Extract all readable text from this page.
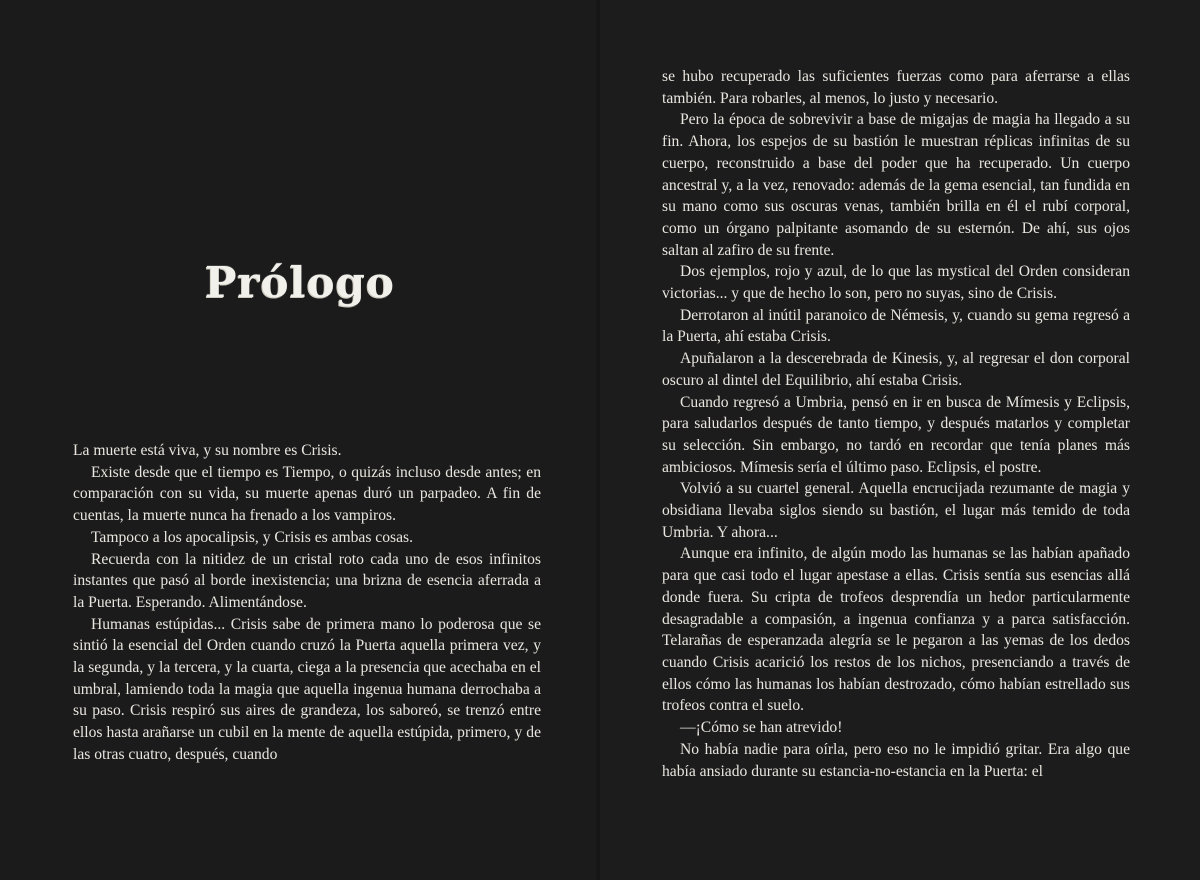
Prólogo

La muerte está viva, y su nombre es Crisis.

Existe desde que el tiempo es Tiempo, o quizás incluso desde antes; en comparación con su vida, su muerte apenas duró un parpadeo. A fin de cuentas, la muerte nunca ha frenado a los vampiros.

Tampoco a los apocalipsis, y Crisis es ambas cosas.

Recuerda con la nitidez de un cristal roto cada uno de esos infinitos instantes que pasó al borde inexistencia; una brizna de esencia aferrada a la Puerta. Esperando. Alimentándose.

Humanas estúpidas... Crisis sabe de primera mano lo poderosa que se sintió la esencial del Orden cuando cruzó la Puerta aquella primera vez, y la segunda, y la tercera, y la cuarta, ciega a la presencia que acechaba en el umbral, lamiendo toda la magia que aquella ingenua humana derrochaba a su paso. Crisis respiró sus aires de grandeza, los saboreó, se trenzó entre ellos hasta arañarse un cubil en la mente de aquella estúpida, primero, y de las otras cuatro, después, cuando

se hubo recuperado las suficientes fuerzas como para aferrarse a ellas también. Para robarles, al menos, lo justo y necesario.

Pero la época de sobrevivir a base de migajas de magia ha llegado a su fin. Ahora, los espejos de su bastión le muestran réplicas infinitas de su cuerpo, reconstruido a base del poder que ha recuperado. Un cuerpo ancestral y, a la vez, renovado: además de la gema esencial, tan fundida en su mano como sus oscuras venas, también brilla en él el rubí corporal, como un órgano palpitante asomando de su esternón. De ahí, sus ojos saltan al zafiro de su frente.

Dos ejemplos, rojo y azul, de lo que las mystical del Orden consideran victorias... y que de hecho lo son, pero no suyas, sino de Crisis.

Derrotaron al inútil paranoico de Némesis, y, cuando su gema regresó a la Puerta, ahí estaba Crisis.

Apuñalaron a la descerebrada de Kinesis, y, al regresar el don corporal oscuro al dintel del Equilibrio, ahí estaba Crisis.

Cuando regresó a Umbria, pensó en ir en busca de Mímesis y Eclipsis, para saludarlos después de tanto tiempo, y después matarlos y completar su selección. Sin embargo, no tardó en recordar que tenía planes más ambiciosos. Mímesis sería el último paso. Eclipsis, el postre.

Volvió a su cuartel general. Aquella encrucijada rezumante de magia y obsidiana llevaba siglos siendo su bastión, el lugar más temido de toda Umbria. Y ahora...

Aunque era infinito, de algún modo las humanas se las habían apañado para que casi todo el lugar apestase a ellas. Crisis sentía sus esencias allá donde fuera. Su cripta de trofeos desprendía un hedor particularmente desagradable a compasión, a ingenua confianza y a parca satisfacción. Telarañas de esperanzada alegría se le pegaron a las yemas de los dedos cuando Crisis acarició los restos de los nichos, presenciando a través de ellos cómo las humanas los habían destrozado, cómo habían estrellado sus trofeos contra el suelo.

—¡Cómo se han atrevido!

No había nadie para oírla, pero eso no le impidió gritar. Era algo que había ansiado durante su estancia-no-estancia en la Puerta: el
